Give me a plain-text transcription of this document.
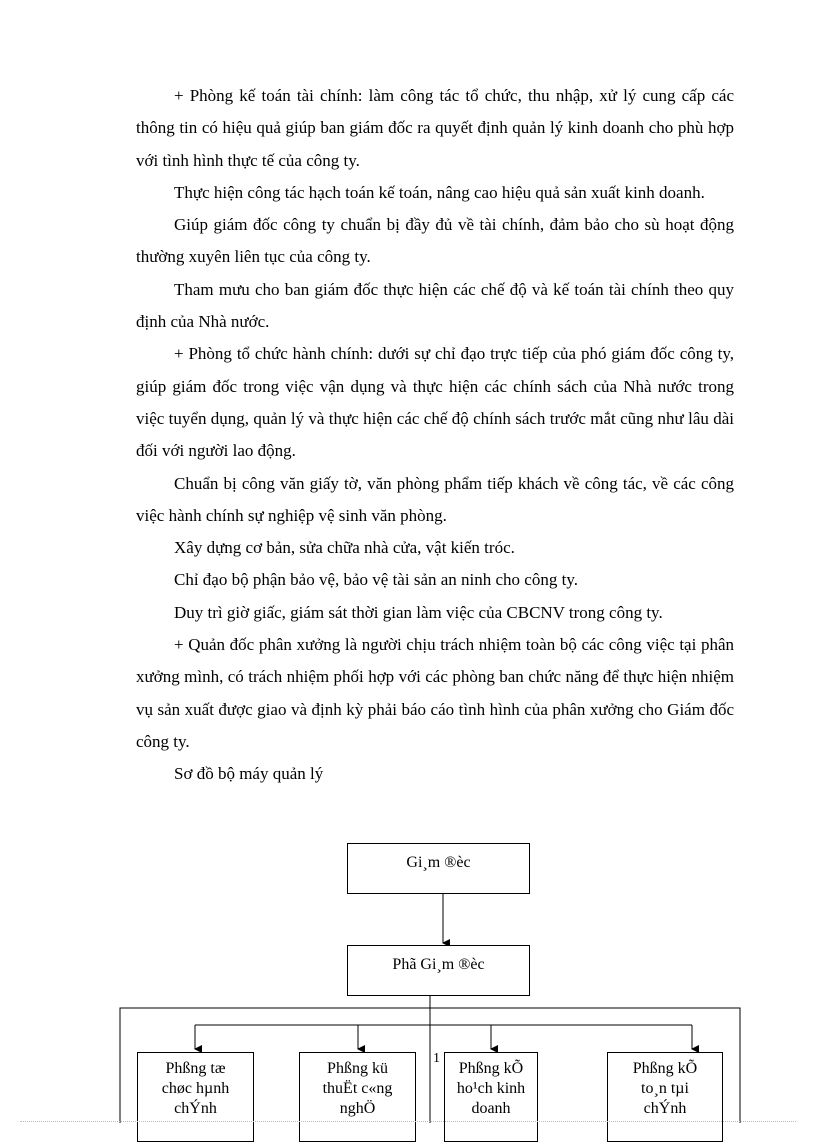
+ Phòng kế toán tài chính: làm công tác tổ chức, thu nhập, xử lý cung cấp các thông tin có hiệu quả giúp ban giám đốc ra quyết định quản lý kinh doanh cho phù hợp với tình hình thực tế của công ty.

Thực hiện công tác hạch toán kế toán, nâng cao hiệu quả sản xuất kinh doanh.

Giúp giám đốc công ty chuẩn bị đầy đủ về tài chính, đảm bảo cho sù hoạt động thường xuyên liên tục của công ty.

Tham mưu cho ban giám đốc thực hiện các chế độ và kế toán tài chính theo quy định của Nhà nước.

+ Phòng tổ chức hành chính: dưới sự chỉ đạo trực tiếp của phó giám đốc công ty, giúp giám đốc trong việc vận dụng và thực hiện các chính sách của Nhà nước trong việc tuyển dụng, quản lý và thực hiện các chế độ chính sách trước mắt cũng như lâu dài đối với người lao động.

Chuẩn bị công văn giấy tờ, văn phòng phẩm tiếp khách về công tác, về các công việc hành chính sự nghiệp vệ sinh văn phòng.

Xây dựng cơ bản, sửa chữa nhà cửa, vật kiến tróc.

Chỉ đạo bộ phận bảo vệ, bảo vệ tài sản an ninh cho công ty.

Duy trì giờ giấc, giám sát thời gian làm việc của CBCNV trong công ty.

+ Quản đốc phân xưởng là người chịu trách nhiệm toàn bộ các công việc tại phân xưởng mình, có trách nhiệm phối hợp với các phòng ban chức năng để thực hiện nhiệm vụ sản xuất được giao và định kỳ phải báo cáo tình hình của phân xưởng cho Giám đốc công ty.

Sơ đồ bộ máy quản lý

Gi¸m ®èc
Phã Gi¸m ®èc
Phßng tæ
chøc hµnh
chÝnh
Phßng kü
thuËt c«ng
nghÖ
1
Phßng kÕ
ho¹ch kinh
doanh
Phßng kÕ
to¸n tµi
chÝnh
